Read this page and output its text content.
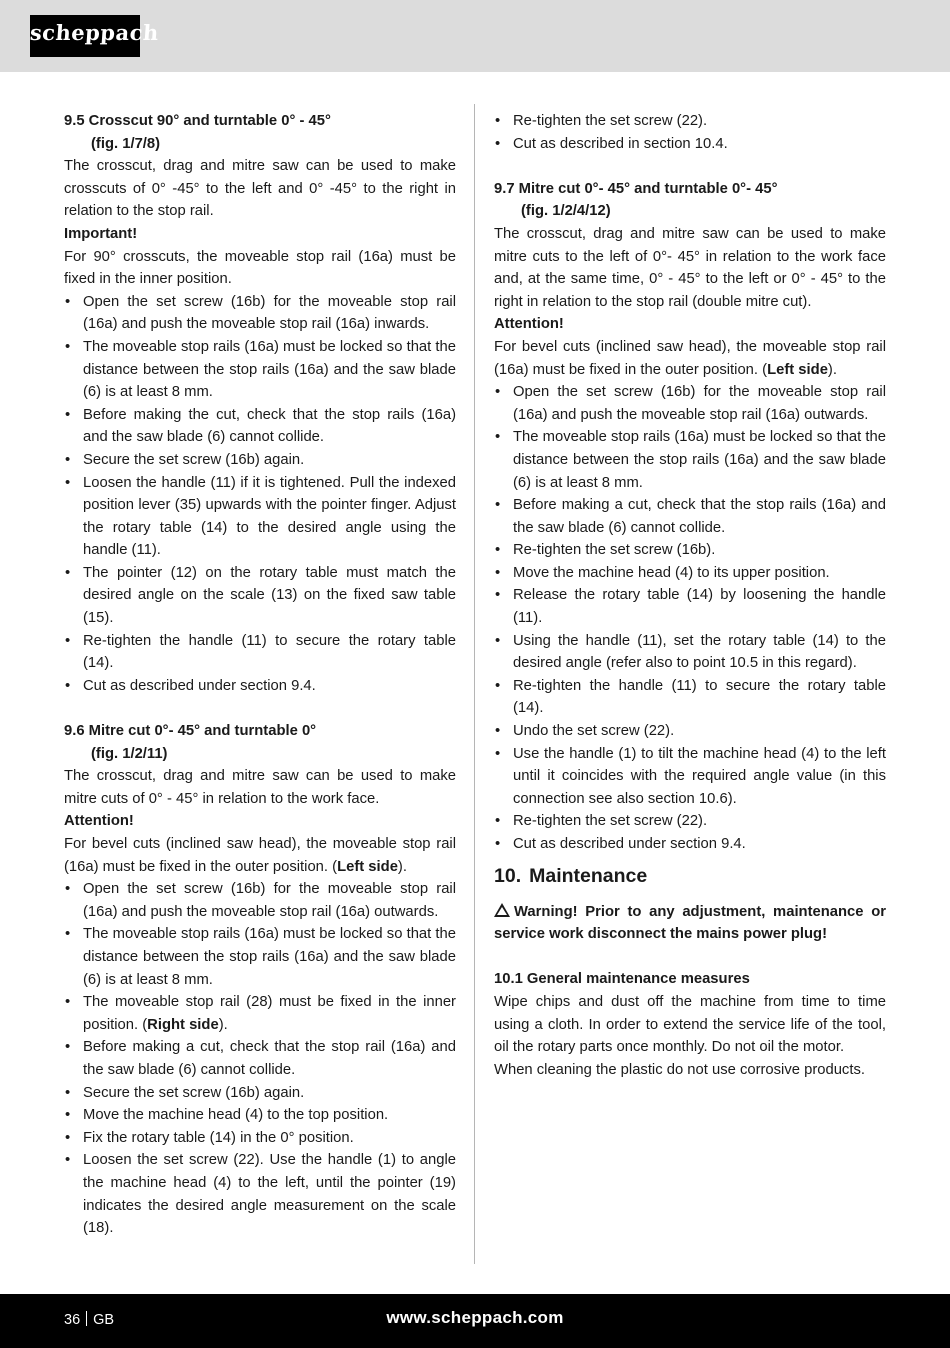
scheppach
9.5 Crosscut 90° and turntable 0° - 45°
(fig. 1/7/8)

The crosscut, drag and mitre saw can be used to make crosscuts of 0° -45° to the left and 0° -45° to the right in relation to the stop rail.

Important!

For 90° crosscuts, the moveable stop rail (16a) must be fixed in the inner position.

• Open the set screw (16b) for the moveable stop rail (16a) and push the moveable stop rail (16a) inwards.
• The moveable stop rails (16a) must be locked so that the distance between the stop rails (16a) and the saw blade (6) is at least 8 mm.
• Before making the cut, check that the stop rails (16a) and the saw blade (6) cannot collide.
• Secure the set screw (16b) again.
• Loosen the handle (11) if it is tightened. Pull the indexed position lever (35) upwards with the pointer finger. Adjust the rotary table (14) to the desired angle using the handle (11).
• The pointer (12) on the rotary table must match the desired angle on the scale (13) on the fixed saw table (15).
• Re-tighten the handle (11) to secure the rotary table (14).
• Cut as described under section 9.4.
9.6 Mitre cut 0°- 45° and turntable 0°
(fig. 1/2/11)

The crosscut, drag and mitre saw can be used to make mitre cuts of 0° - 45° in relation to the work face.

Attention!

For bevel cuts (inclined saw head), the moveable stop rail (16a) must be fixed in the outer position. (Left side).

• Open the set screw (16b) for the moveable stop rail (16a) and push the moveable stop rail (16a) outwards.
• The moveable stop rails (16a) must be locked so that the distance between the stop rails (16a) and the saw blade (6) is at least 8 mm.
• The moveable stop rail (28) must be fixed in the inner position. (Right side).
• Before making a cut, check that the stop rail (16a) and the saw blade (6) cannot collide.
• Secure the set screw (16b) again.
• Move the machine head (4) to the top position.
• Fix the rotary table (14) in the 0° position.
• Loosen the set screw (22). Use the handle (1) to angle the machine head (4) to the left, until the pointer (19) indicates the desired angle measurement on the scale (18).
• Re-tighten the set screw (22).
• Cut as described in section 10.4.
9.7 Mitre cut 0°- 45° and turntable 0°- 45°
(fig. 1/2/4/12)

The crosscut, drag and mitre saw can be used to make mitre cuts to the left of 0°- 45° in relation to the work face and, at the same time, 0° - 45° to the left or 0° - 45° to the right in relation to the stop rail (double mitre cut).

Attention!

For bevel cuts (inclined saw head), the moveable stop rail (16a) must be fixed in the outer position. (Left side).

• Open the set screw (16b) for the moveable stop rail (16a) and push the moveable stop rail (16a) outwards.
• The moveable stop rails (16a) must be locked so that the distance between the stop rails (16a) and the saw blade (6) is at least 8 mm.
• Before making a cut, check that the stop rails (16a) and the saw blade (6) cannot collide.
• Re-tighten the set screw (16b).
• Move the machine head (4) to its upper position.
• Release the rotary table (14) by loosening the handle (11).
• Using the handle (11), set the rotary table (14) to the desired angle (refer also to point 10.5 in this regard).
• Re-tighten the handle (11) to secure the rotary table (14).
• Undo the set screw (22).
• Use the handle (1) to tilt the machine head (4) to the left until it coincides with the required angle value (in this connection see also section 10.6).
• Re-tighten the set screw (22).
• Cut as described under section 9.4.
10. Maintenance

Warning! Prior to any adjustment, maintenance or service work disconnect the mains power plug!

10.1 General maintenance measures

Wipe chips and dust off the machine from time to time using a cloth. In order to extend the service life of the tool, oil the rotary parts once monthly. Do not oil the motor.

When cleaning the plastic do not use corrosive products.

36 GB	www.scheppach.com
